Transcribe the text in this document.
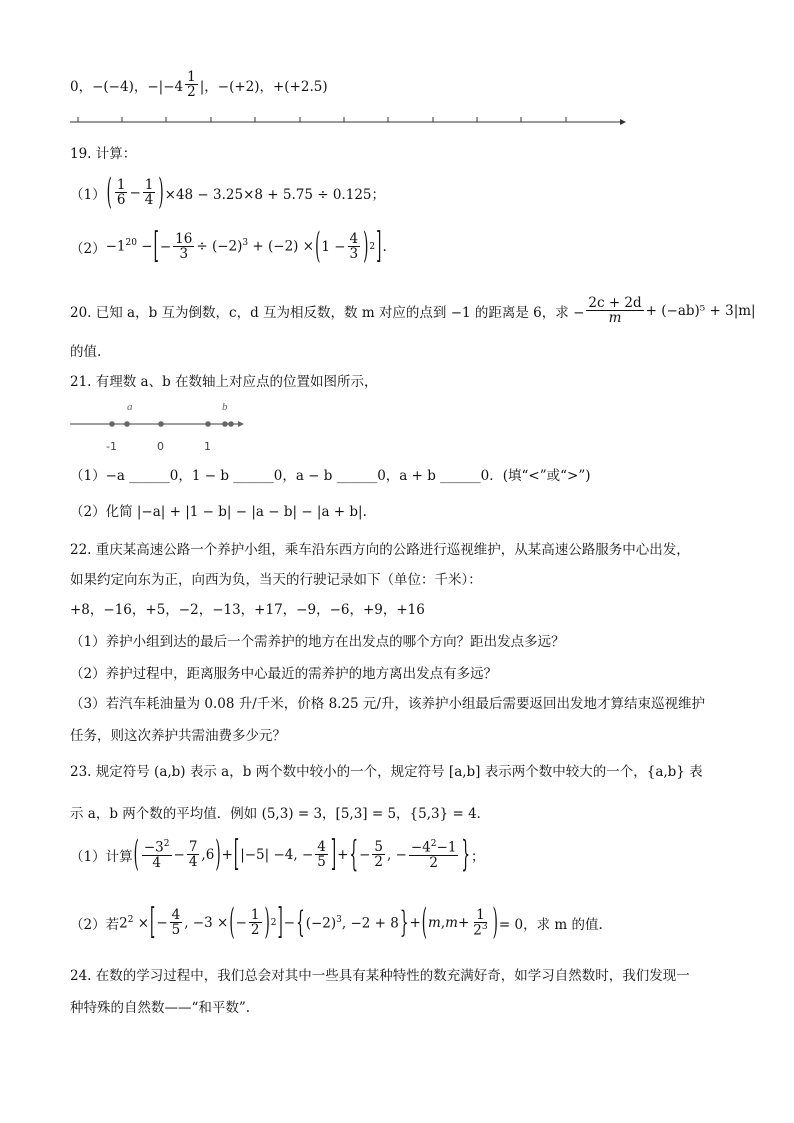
0，−(−4)，$-|-4 \frac{1}{2}$ |，−(+2)，+(+2.5)
19. 计算：
（1） ( $\frac{1}{6} - \frac{1}{4}$ ) ×48 − 3.25×8 + 5.75 ÷ 0.125；
$(2) -1^{20}$ − [ − $\frac{16}{3} \div (-2)^3 + (-2)$ × ( $1 - \frac{4}{3}$ ) 2 ] .
20. 已知 a，b 互为倒数，c，d 互为相反数，数 m 对应的点到 −1 的距离是 6，求 − $\frac{2c + 2d}{m} + (-ab)^5 + 3|m|$
的值.
21. 有理数 a、b 在数轴上对应点的位置如图所示，
a	b
-1	0	1
（1）−a ______0，1 − b ______0，a − b ______0，a + b ______0．(填“<”或“>”)
（2）化简 |−a| + |1 − b| − |a − b| − |a + b|.
22. 重庆某高速公路一个养护小组，乘车沿东西方向的公路进行巡视维护，从某高速公路服务中心出发，
如果约定向东为正，向西为负，当天的行驶记录如下（单位：千米）：
+8，−16，+5，−2，−13，+17，−9，−6，+9，+16
（1）养护小组到达的最后一个需养护的地方在出发点的哪个方向？距出发点多远？
（2）养护过程中，距离服务中心最近的需养护的地方离出发点有多远？
（3）若汽车耗油量为 0.08 升/千米，价格 8.25 元/升，该养护小组最后需要返回出发地才算结束巡视维护
任务，则这次养护共需油费多少元？
23. 规定符号 (a,b) 表示 a，b 两个数中较小的一个，规定符号 [a,b] 表示两个数中较大的一个，{a,b} 表
示 a，b 两个数的平均值．例如 (5,3) = 3，[5,3] = 5，{5,3} = 4．
（1）计算 ( $\frac{-3^2}{4} - \frac{7}{4} ,6$ ) + [ |−5| −4, − $\frac{4}{5}$ ] + { − $\frac{5}{2}$ , − $\frac{-4^2-1}{2}$ } ；
（2）若 $2^2$ × [ − $\frac{4}{5}$ , −3 × ( − $\frac{1}{2}$ ) 2 ] − { $(-2)^3$, −2 + 8 } + ( m , $m + \frac{1}{2^3}$ ) = 0，求 m 的值.
24. 在数的学习过程中，我们总会对其中一些具有某种特性的数充满好奇，如学习自然数时，我们发现一
种特殊的自然数——“和平数”.
